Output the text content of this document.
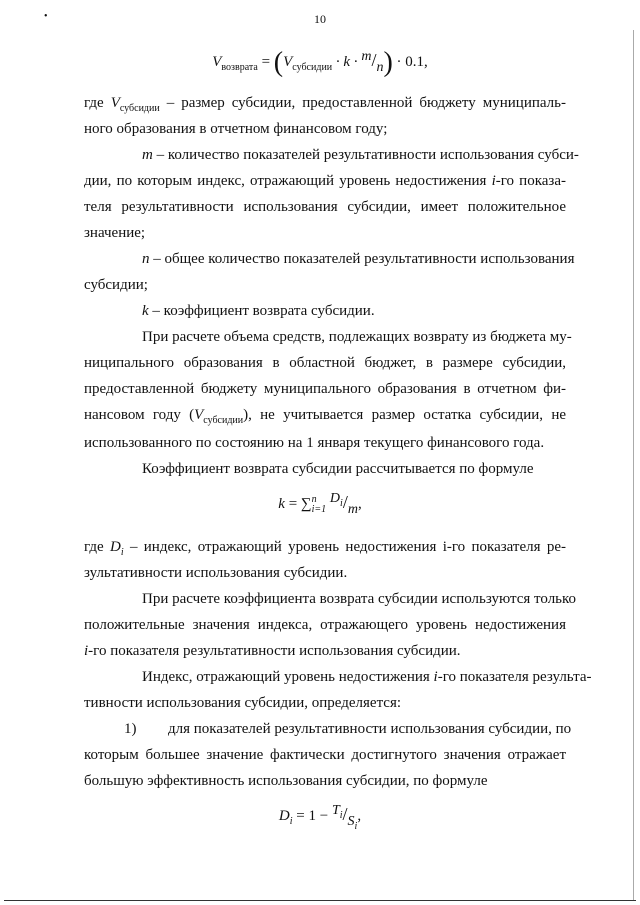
•	10
$V_{возврата} = (V_{субсидии} \cdot k \cdot m/n) \cdot 0.1$,
где $V_{субсидии}$ – размер субсидии, предоставленной бюджету муниципаль-
ного образования в отчетном финансовом году;
m – количество показателей результативности использования субси-
дии, по которым индекс, отражающий уровень недостижения i-го показа-
теля результативности использования субсидии, имеет положительное
значение;
n – общее количество показателей результативности использования
субсидии;
k – коэффициент возврата субсидии.
При расчете объема средств, подлежащих возврату из бюджета му-
ниципального образования в областной бюджет, в размере субсидии,
предоставленной бюджету муниципального образования в отчетном фи-
нансовом году $(V_{субсидии})$, не учитывается размер остатка субсидии, не
использованного по состоянию на 1 января текущего финансового года.
Коэффициент возврата субсидии рассчитывается по формуле
k = ∑$^n_{i=1}$ $D_i/m$,
где $D_i$ – индекс, отражающий уровень недостижения i-го показателя ре-
зультативности использования субсидии.
При расчете коэффициента возврата субсидии используются только
положительные значения индекса, отражающего уровень недостижения
i-го показателя результативности использования субсидии.
Индекс, отражающий уровень недостижения i-го показателя результа-
тивности использования субсидии, определяется:
1) для показателей результативности использования субсидии, по
которым большее значение фактически достигнутого значения отражает
большую эффективность использования субсидии, по формуле
$D_i = 1 - T_i/S_i$,
